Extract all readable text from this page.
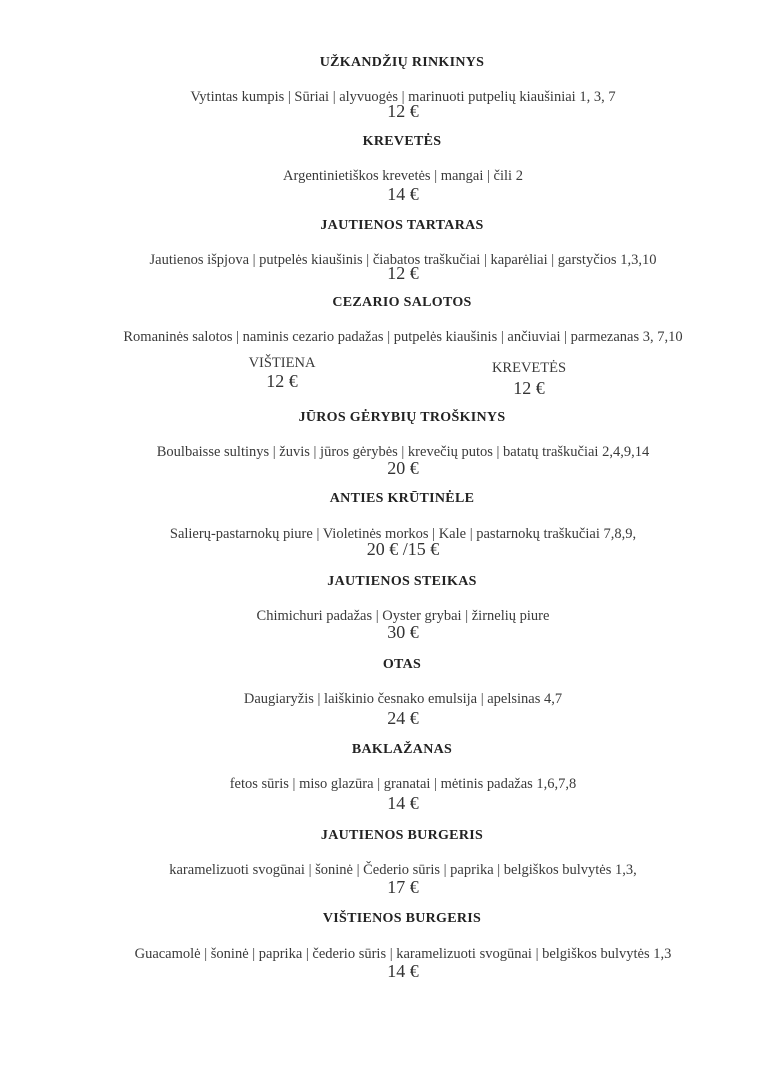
UŽKANDŽIŲ RINKINYS
Vytintas kumpis | Sūriai | alyvuogės | marinuoti putpelių kiaušiniai 1, 3, 7
12 €
KREVETĖS
Argentinietiškos krevetės | mangai | čili 2
14 €
JAUTIENOS TARTARAS
Jautienos išpjova | putpelės kiaušinis | čiabatos traškučiai | kaparėliai | garstyčios 1,3,10
12 €
CEZARIO SALOTOS
Romaninės salotos | naminis cezario padažas | putpelės kiaušinis | ančiuviai | parmezanas 3, 7,10
VIŠTIENA
12 €
KREVETĖS
12 €
JŪROS GĖRYBIŲ TROŠKINYS
Boulbaisse sultinys | žuvis | jūros gėrybės | krevečių putos | batatų traškučiai 2,4,9,14
20 €
ANTIES KRŪTINĖLE
Salierų-pastarnokų piure | Violetinės morkos | Kale | pastarnokų traškučiai 7,8,9,
20 € /15 €
JAUTIENOS STEIKAS
Chimichuri padažas | Oyster grybai | žirnelių piure
30 €
OTAS
Daugiaryžis | laiškinio česnako emulsija | apelsinas 4,7
24 €
BAKLAŽANAS
fetos sūris | miso glazūra | granatai | mėtinis padažas 1,6,7,8
14 €
JAUTIENOS BURGERIS
karamelizuoti svogūnai | šoninė | Čederio sūris | paprika | belgiškos bulvytės 1,3,
17 €
VIŠTIENOS BURGERIS
Guacamolė | šoninė | paprika | čederio sūris | karamelizuoti svogūnai | belgiškos bulvytės 1,3
14 €
